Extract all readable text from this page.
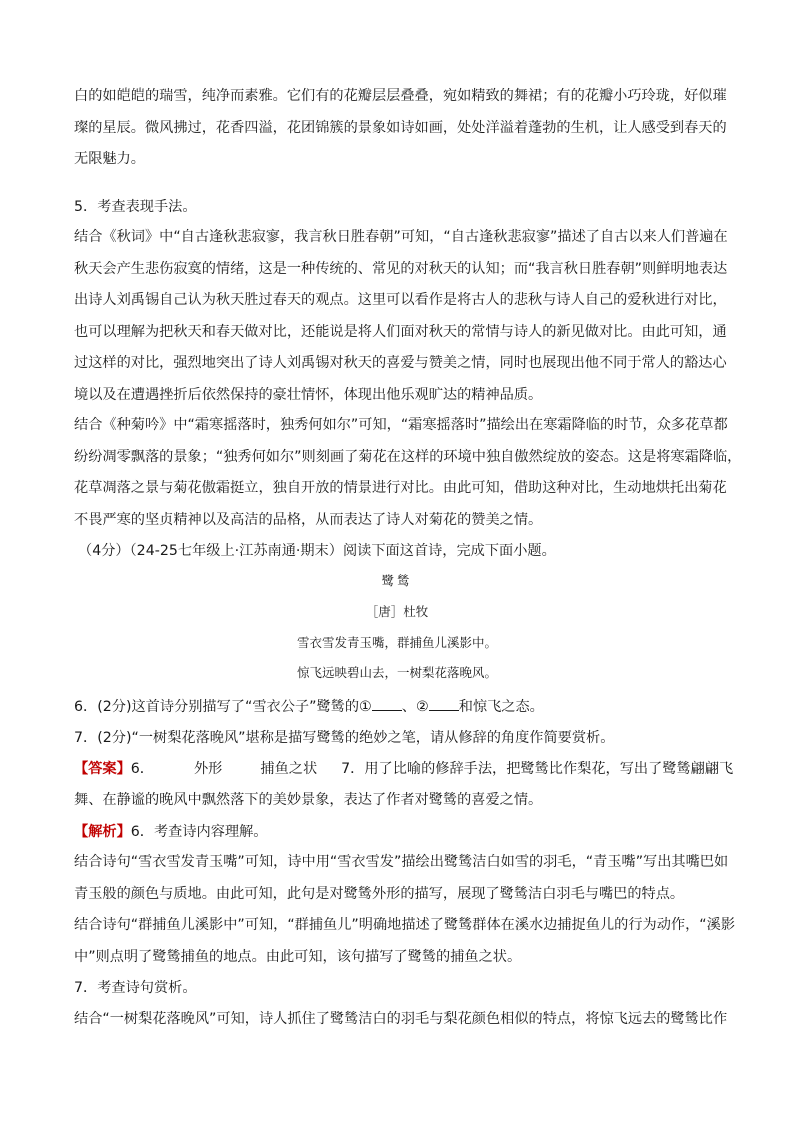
白的如皑皑的瑞雪，纯净而素雅。它们有的花瓣层层叠叠，宛如精致的舞裙；有的花瓣小巧玲珑，好似璀
璨的星辰。微风拂过，花香四溢，花团锦簇的景象如诗如画，处处洋溢着蓬勃的生机，让人感受到春天的
无限魅力。
5．考查表现手法。
结合《秋词》中“自古逢秋悲寂寥，我言秋日胜春朝”可知，“自古逢秋悲寂寥”描述了自古以来人们普遍在
秋天会产生悲伤寂寞的情绪，这是一种传统的、常见的对秋天的认知；而“我言秋日胜春朝”则鲜明地表达
出诗人刘禹锡自己认为秋天胜过春天的观点。这里可以看作是将古人的悲秋与诗人自己的爱秋进行对比，
也可以理解为把秋天和春天做对比，还能说是将人们面对秋天的常情与诗人的新见做对比。由此可知，通
过这样的对比，强烈地突出了诗人刘禹锡对秋天的喜爱与赞美之情，同时也展现出他不同于常人的豁达心
境以及在遭遇挫折后依然保持的豪壮情怀，体现出他乐观旷达的精神品质。
结合《种菊吟》中“霜寒摇落时，独秀何如尔”可知，“霜寒摇落时”描绘出在寒霜降临的时节，众多花草都
纷纷凋零飘落的景象；“独秀何如尔”则刻画了菊花在这样的环境中独自傲然绽放的姿态。这是将寒霜降临，
花草凋落之景与菊花傲霜挺立，独自开放的情景进行对比。由此可知，借助这种对比，生动地烘托出菊花
不畏严寒的坚贞精神以及高洁的品格，从而表达了诗人对菊花的赞美之情。
（4分）（24-25七年级上·江苏南通·期末）阅读下面这首诗，完成下面小题。
鹭鸶
［唐］杜牧
雪衣雪发青玉嘴，群捕鱼儿溪影中。
惊飞远映碧山去，一树梨花落晚风。
6．(2分)这首诗分别描写了“雪衣公子”鹭鸶的① 、② 和惊飞之态。
7．(2分)“一树梨花落晚风”堪称是描写鹭鸶的绝妙之笔，请从修辞的角度作简要赏析。
【答案】6．	外形	捕鱼之状 7．用了比喻的修辞手法，把鹭鸶比作梨花，写出了鹭鸶翩翩飞
舞、在静谧的晚风中飘然落下的美妙景象，表达了作者对鹭鸶的喜爱之情。
【解析】6．考查诗内容理解。
结合诗句“雪衣雪发青玉嘴”可知，诗中用“雪衣雪发”描绘出鹭鸶洁白如雪的羽毛，“青玉嘴”写出其嘴巴如
青玉般的颜色与质地。由此可知，此句是对鹭鸶外形的描写，展现了鹭鸶洁白羽毛与嘴巴的特点。
结合诗句“群捕鱼儿溪影中”可知，“群捕鱼儿”明确地描述了鹭鸶群体在溪水边捕捉鱼儿的行为动作，“溪影
中”则点明了鹭鸶捕鱼的地点。由此可知，该句描写了鹭鸶的捕鱼之状。
7．考查诗句赏析。
结合“一树梨花落晚风”可知，诗人抓住了鹭鸶洁白的羽毛与梨花颜色相似的特点，将惊飞远去的鹭鸶比作
